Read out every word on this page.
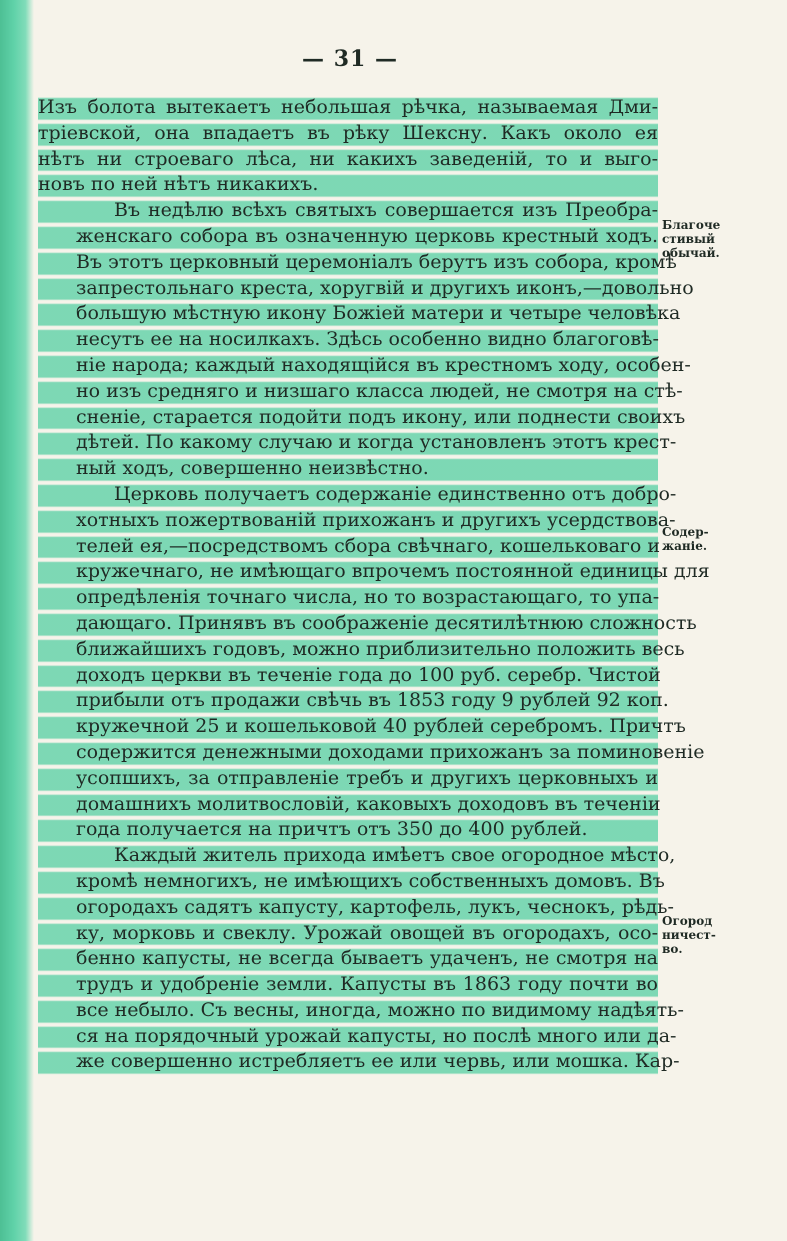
— 31 —

Изъ болота вытекаетъ небольшая рѣчка, называемая Дми-
тріевской, она впадаетъ въ рѣку Шексну. Какъ около ея
нѣтъ ни строеваго лѣса, ни какихъ заведеній, то и выго-
новъ по ней нѣтъ никакихъ.

Въ недѣлю всѣхъ святыхъ совершается изъ Преобра-
женскаго собора въ означенную церковь крестный ходъ.
Въ этотъ церковный церемоніалъ берутъ изъ собора, кромѣ
запрестольнаго креста, хоругвій и другихъ иконъ,—довольно
большую мѣстную икону Божіей матери и четыре человѣка
несутъ ее на носилкахъ. Здѣсь особенно видно благоговѣ-
ніе народа; каждый находящійся въ крестномъ ходу, особен-
но изъ средняго и низшаго класса людей, не смотря на стѣ-
сненіе, старается подойти подъ икону, или поднести своихъ
дѣтей. По какому случаю и когда установленъ этотъ крест-
ный ходъ, совершенно неизвѣстно.

Церковь получаетъ содержаніе единственно отъ добро-
хотныхъ пожертвованій прихожанъ и другихъ усердствова-
телей ея,—посредствомъ сбора свѣчнаго, кошельковаго и
кружечнаго, не имѣющаго впрочемъ постоянной единицы для
опредѣленія точнаго числа, но то возрастающаго, то упа-
дающаго. Принявъ въ соображеніе десятилѣтнюю сложность
ближайшихъ годовъ, можно приблизительно положить весь
доходъ церкви въ теченіе года до 100 руб. серебр. Чистой
прибыли отъ продажи свѣчь въ 1853 году 9 рублей 92 коп.
кружечной 25 и кошельковой 40 рублей серебромъ. Причтъ
содержится денежными доходами прихожанъ за поминовеніе
усопшихъ, за отправленіе требъ и другихъ церковныхъ и
домашнихъ молитвословій, каковыхъ доходовъ въ теченіи
года получается на причтъ отъ 350 до 400 рублей.

Каждый житель прихода имѣетъ свое огородное мѣсто,
кромѣ немногихъ, не имѣющихъ собственныхъ домовъ. Въ
огородахъ садятъ капусту, картофель, лукъ, чеснокъ, рѣдь-
ку, морковь и свеклу. Урожай овощей въ огородахъ, осо-
бенно капусты, не всегда бываетъ удаченъ, не смотря на
трудъ и удобреніе земли. Капусты въ 1863 году почти во
все небыло. Съ весны, иногда, можно по видимому надѣять-
ся на порядочный урожай капусты, но послѣ много или да-
же совершенно истребляетъ ее или червь, или мошка. Кар-

Благоче
стивый
обычай.
Содер-
жаніе.
Огород
ничест-
во.
